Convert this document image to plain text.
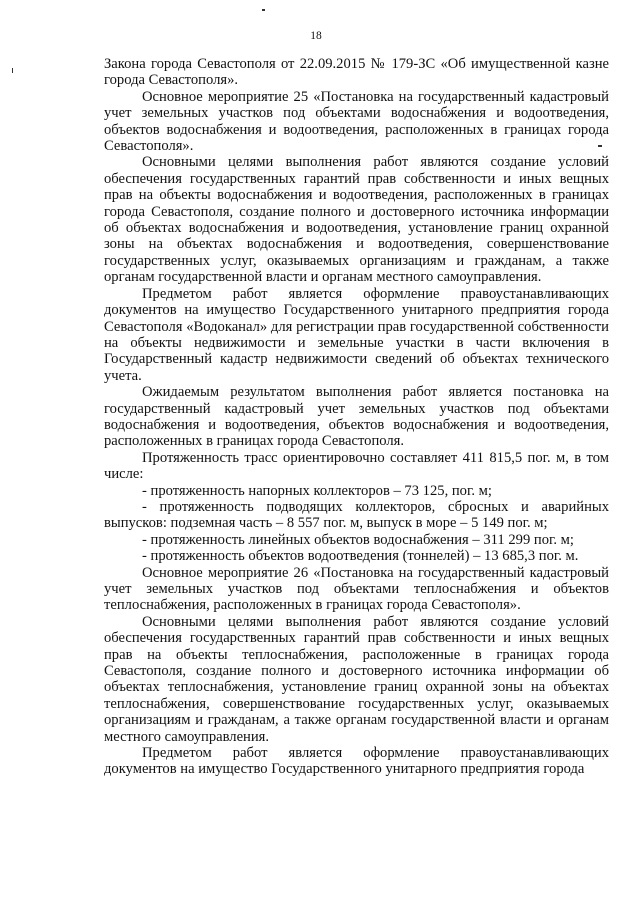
18

Закона города Севастополя от 22.09.2015 № 179-ЗС «Об имущественной казне города Севастополя».

Основное мероприятие 25 «Постановка на государственный кадастровый учет земельных участков под объектами водоснабжения и водоотведения, объектов водоснабжения и водоотведения, расположенных в границах города Севастополя».

Основными целями выполнения работ являются создание условий обеспечения государственных гарантий прав собственности и иных вещных прав на объекты водоснабжения и водоотведения, расположенных в границах города Севастополя, создание полного и достоверного источника информации об объектах водоснабжения и водоотведения, установление границ охранной зоны на объектах водоснабжения и водоотведения, совершенствование государственных услуг, оказываемых организациям и гражданам, а также органам государственной власти и органам местного самоуправления.

Предметом работ является оформление правоустанавливающих документов на имущество Государственного унитарного предприятия города Севастополя «Водоканал» для регистрации прав государственной собственности на объекты недвижимости и земельные участки в части включения в Государственный кадастр недвижимости сведений об объектах технического учета.

Ожидаемым результатом выполнения работ является постановка на государственный кадастровый учет земельных участков под объектами водоснабжения и водоотведения, объектов водоснабжения и водоотведения, расположенных в границах города Севастополя.

Протяженность трасс ориентировочно составляет 411 815,5 пог. м, в том числе:

- протяженность напорных коллекторов – 73 125, пог. м;

- протяженность подводящих коллекторов, сбросных и аварийных выпусков: подземная часть – 8 557 пог. м, выпуск в море – 5 149 пог. м;

- протяженность линейных объектов водоснабжения – 311 299 пог. м;

- протяженность объектов водоотведения (тоннелей) – 13 685,3 пог. м.

Основное мероприятие 26 «Постановка на государственный кадастровый учет земельных участков под объектами теплоснабжения и объектов теплоснабжения, расположенных в границах города Севастополя».

Основными целями выполнения работ являются создание условий обеспечения государственных гарантий прав собственности и иных вещных прав на объекты теплоснабжения, расположенные в границах города Севастополя, создание полного и достоверного источника информации об объектах теплоснабжения, установление границ охранной зоны на объектах теплоснабжения, совершенствование государственных услуг, оказываемых организациям и гражданам, а также органам государственной власти и органам местного самоуправления.

Предметом работ является оформление правоустанавливающих документов на имущество Государственного унитарного предприятия города
